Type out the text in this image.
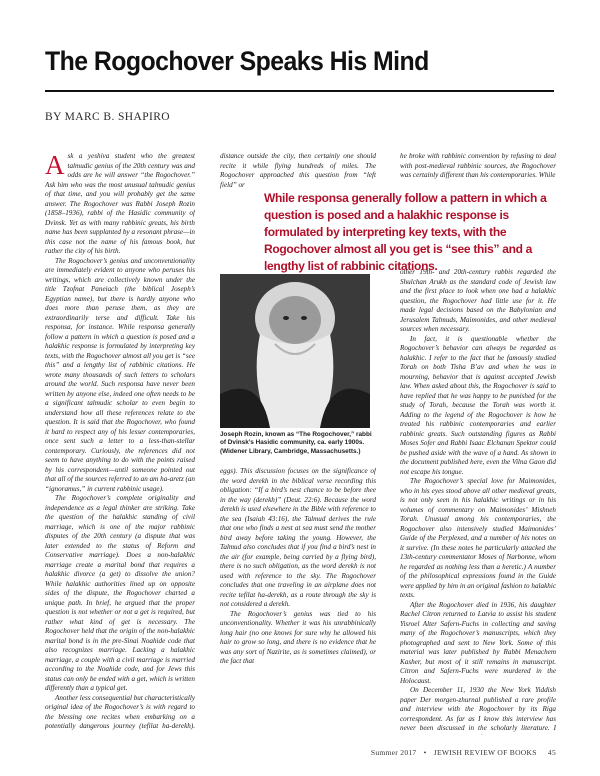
The Rogochover Speaks His Mind
BY MARC B. SHAPIRO

Ask a yeshiva student who the greatest talmudic genius of the 20th century was and odds are he will answer “the Rogochover.” Ask him who was the most unusual talmudic genius of that time, and you will probably get the same answer. The Rogochover was Rabbi Joseph Rozin (1858–1936), rabbi of the Hasidic community of Dvinsk. Yet as with many rabbinic greats, his birth name has been supplanted by a resonant phrase—in this case not the name of his famous book, but rather the city of his birth.

The Rogochover’s genius and unconventionality are immediately evident to anyone who peruses his writings, which are collectively known under the title Tzofnat Paneiach (the biblical Joseph’s Egyptian name), but there is hardly anyone who does more than peruse them, as they are extraordinarily terse and difficult. Take his responsa, for instance. While responsa generally follow a pattern in which a question is posed and a halakhic response is formulated by interpreting key texts, with the Rogochover almost all you get is “see this” and a lengthy list of rabbinic citations. He wrote many thousands of such letters to scholars around the world. Such responsa have never been written by anyone else, indeed one often needs to be a significant talmudic scholar to even begin to understand how all these references relate to the question. It is said that the Rogochover, who found it hard to respect any of his lesser contemporaries, once sent such a letter to a less-than-stellar contemporary. Curiously, the references did not seem to have anything to do with the points raised by his correspondent—until someone pointed out that all of the sources referred to an am ha-aretz (an “ignoramus,” in current rabbinic usage).

The Rogochover’s complete originality and independence as a legal thinker are striking. Take the question of the halakhic standing of civil marriage, which is one of the major rabbinic disputes of the 20th century (a dispute that was later extended to the status of Reform and Conservative marriage). Does a non-halakhic marriage create a marital bond that requires a halakhic divorce (a get) to dissolve the union? While halakhic authorities lined up on opposite sides of the dispute, the Rogochover charted a unique path. In brief, he argued that the proper question is not whether or not a get is required, but rather what kind of get is necessary. The Rogochover held that the origin of the non-halakhic marital bond is in the pre-Sinai Noahide code that also recognizes marriage. Lacking a halakhic marriage, a couple with a civil marriage is married according to the Noahide code, and for Jews this status can only be ended with a get, which is written differently than a typical get.

Another less consequential but characteristically original idea of the Rogochover’s is with regard to the blessing one recites when embarking on a potentially dangerous journey (tefilat ha-derekh).

distance outside the city, then certainly one should recite it while flying hundreds of miles. The Rogochover approached this question from “left field” or

he broke with rabbinic convention by refusing to deal with post-medieval rabbinic sources, the Rogochover was certainly different than his contemporaries. While

While responsa generally follow a pattern in which a question is posed and a halakhic response is formulated by interpreting key texts, with the Rogochover almost all you get is “see this” and a lengthy list of rabbinic citations.
Joseph Rozin, known as “The Rogochover,” rabbi of Dvinsk’s Hasidic community, ca. early 1900s. (Widener Library, Cambridge, Massachusetts.)

eggs). This discussion focuses on the significance of the word derekh in the biblical verse recording this obligation: “If a bird’s nest chance to be before thee in the way (derekh)” (Deut. 22:6). Because the word derekh is used elsewhere in the Bible with reference to the sea (Isaiah 43:16), the Talmud derives the rule that one who finds a nest at sea must send the mother bird away before taking the young. However, the Talmud also concludes that if you find a bird’s nest in the air (for example, being carried by a flying bird), there is no such obligation, as the word derekh is not used with reference to the sky. The Rogochover concludes that one traveling in an airplane does not recite tefilat ha-derekh, as a route through the sky is not considered a derekh.

The Rogochover’s genius was tied to his unconventionality. Whether it was his unrabbinically long hair (no one knows for sure why he allowed his hair to grow so long, and there is no evidence that he was any sort of Nazirite, as is sometimes claimed), or the fact that

other 19th- and 20th-century rabbis regarded the Shulchan Arukh as the standard code of Jewish law and the first place to look when one had a halakhic question, the Rogochover had little use for it. He made legal decisions based on the Babylonian and Jerusalem Talmuds, Maimonides, and other medieval sources when necessary.

In fact, it is questionable whether the Rogochover’s behavior can always be regarded as halakhic. I refer to the fact that he famously studied Torah on both Tisha B’av and when he was in mourning, behavior that is against accepted Jewish law. When asked about this, the Rogochover is said to have replied that he was happy to be punished for the study of Torah, because the Torah was worth it. Adding to the legend of the Rogochover is how he treated his rabbinic contemporaries and earlier rabbinic greats. Such outstanding figures as Rabbi Moses Sofer and Rabbi Isaac Elchanan Spektor could be pushed aside with the wave of a hand. As shown in the document published here, even the Vilna Gaon did not escape his tongue.

The Rogochover’s special love for Maimonides, who in his eyes stood above all other medieval greats, is not only seen in his halakhic writings or in his volumes of commentary on Maimonides’ Mishneh Torah. Unusual among his contemporaries, the Rogochover also intensively studied Maimonides’ Guide of the Perplexed, and a number of his notes on it survive. (In these notes he particularly attacked the 13th-century commentator Moses of Narbonne, whom he regarded as nothing less than a heretic.) A number of the philosophical expressions found in the Guide were applied by him in an original fashion to halakhic texts.

After the Rogochover died in 1936, his daughter Rachel Citron returned to Latvia to assist his student Yisroel Alter Safern-Fuchs in collecting and saving many of the Rogochover’s manuscripts, which they photographed and sent to New York. Some of this material was later published by Rabbi Menachem Kasher, but most of it still remains in manuscript. Citron and Safern-Fuchs were murdered in the Holocaust.

On December 11, 1930 the New York Yiddish paper Der morgen-zhurnal published a rare profile and interview with the Rogochover by its Riga correspondent. As far as I know this interview has never been discussed in the scholarly literature. I

Summer 2017 • JEWISH REVIEW OF BOOKS 45
